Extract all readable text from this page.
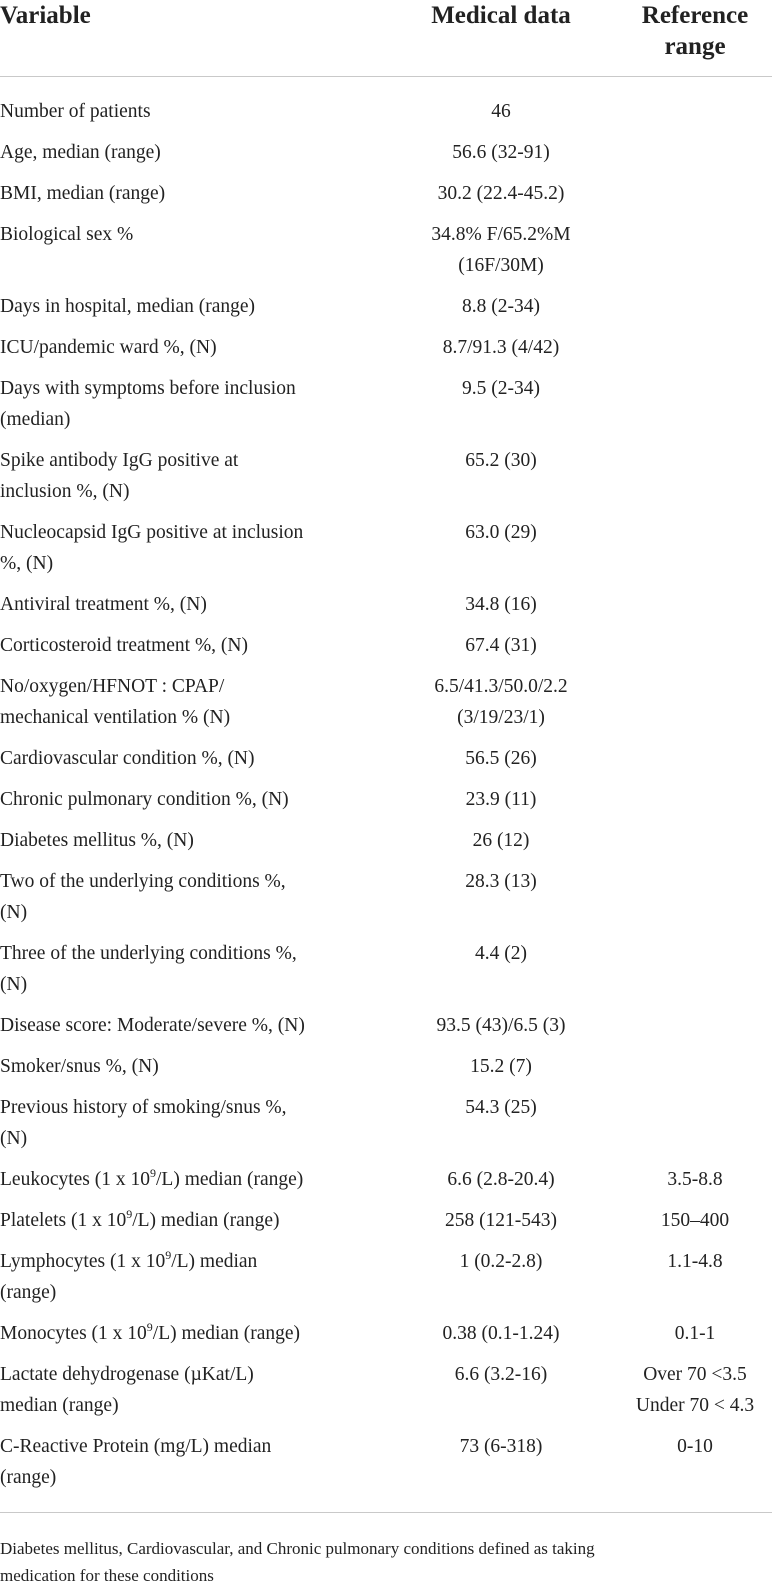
Variable	Medical data	Reference
range

Number of patients	46	

Age, median (range)	56.6 (32-91)	

BMI, median (range)	30.2 (22.4-45.2)	

Biological sex %	34.8% F/65.2%M
(16F/30M)	

Days in hospital, median (range)	8.8 (2-34)	

ICU/pandemic ward %, (N)	8.7/91.3 (4/42)	

Days with symptoms before inclusion
(median)	9.5 (2-34)	

Spike antibody IgG positive at
inclusion %, (N)	65.2 (30)	

Nucleocapsid IgG positive at inclusion
%, (N)	63.0 (29)	

Antiviral treatment %, (N)	34.8 (16)	

Corticosteroid treatment %, (N)	67.4 (31)	

No/oxygen/HFNOT : CPAP/
mechanical ventilation % (N)	6.5/41.3/50.0/2.2
(3/19/23/1)	

Cardiovascular condition %, (N)	56.5 (26)	

Chronic pulmonary condition %, (N)	23.9 (11)	

Diabetes mellitus %, (N)	26 (12)	

Two of the underlying conditions %,
(N)	28.3 (13)	

Three of the underlying conditions %,
(N)	4.4 (2)	

Disease score: Moderate/severe %, (N)	93.5 (43)/6.5 (3)	

Smoker/snus %, (N)	15.2 (7)	

Previous history of smoking/snus %,
(N)	54.3 (25)	

Leukocytes (1 x $10^9/L$) median (range)	6.6 (2.8-20.4)	3.5-8.8

Platelets (1 x $10^9/L$) median (range)	258 (121-543)	150–400

Lymphocytes (1 x $10^9/L$) median
(range)	1 (0.2-2.8)	1.1-4.8

Monocytes (1 x $10^9/L$) median (range)	0.38 (0.1-1.24)	0.1-1

Lactate dehydrogenase (µKat/L)
median (range)	6.6 (3.2-16)	Over 70 <3.5
Under 70 < 4.3

C-Reactive Protein (mg/L) median
(range)	73 (6-318)	0-10
Diabetes mellitus, Cardiovascular, and Chronic pulmonary conditions defined as taking
medication for these conditions
